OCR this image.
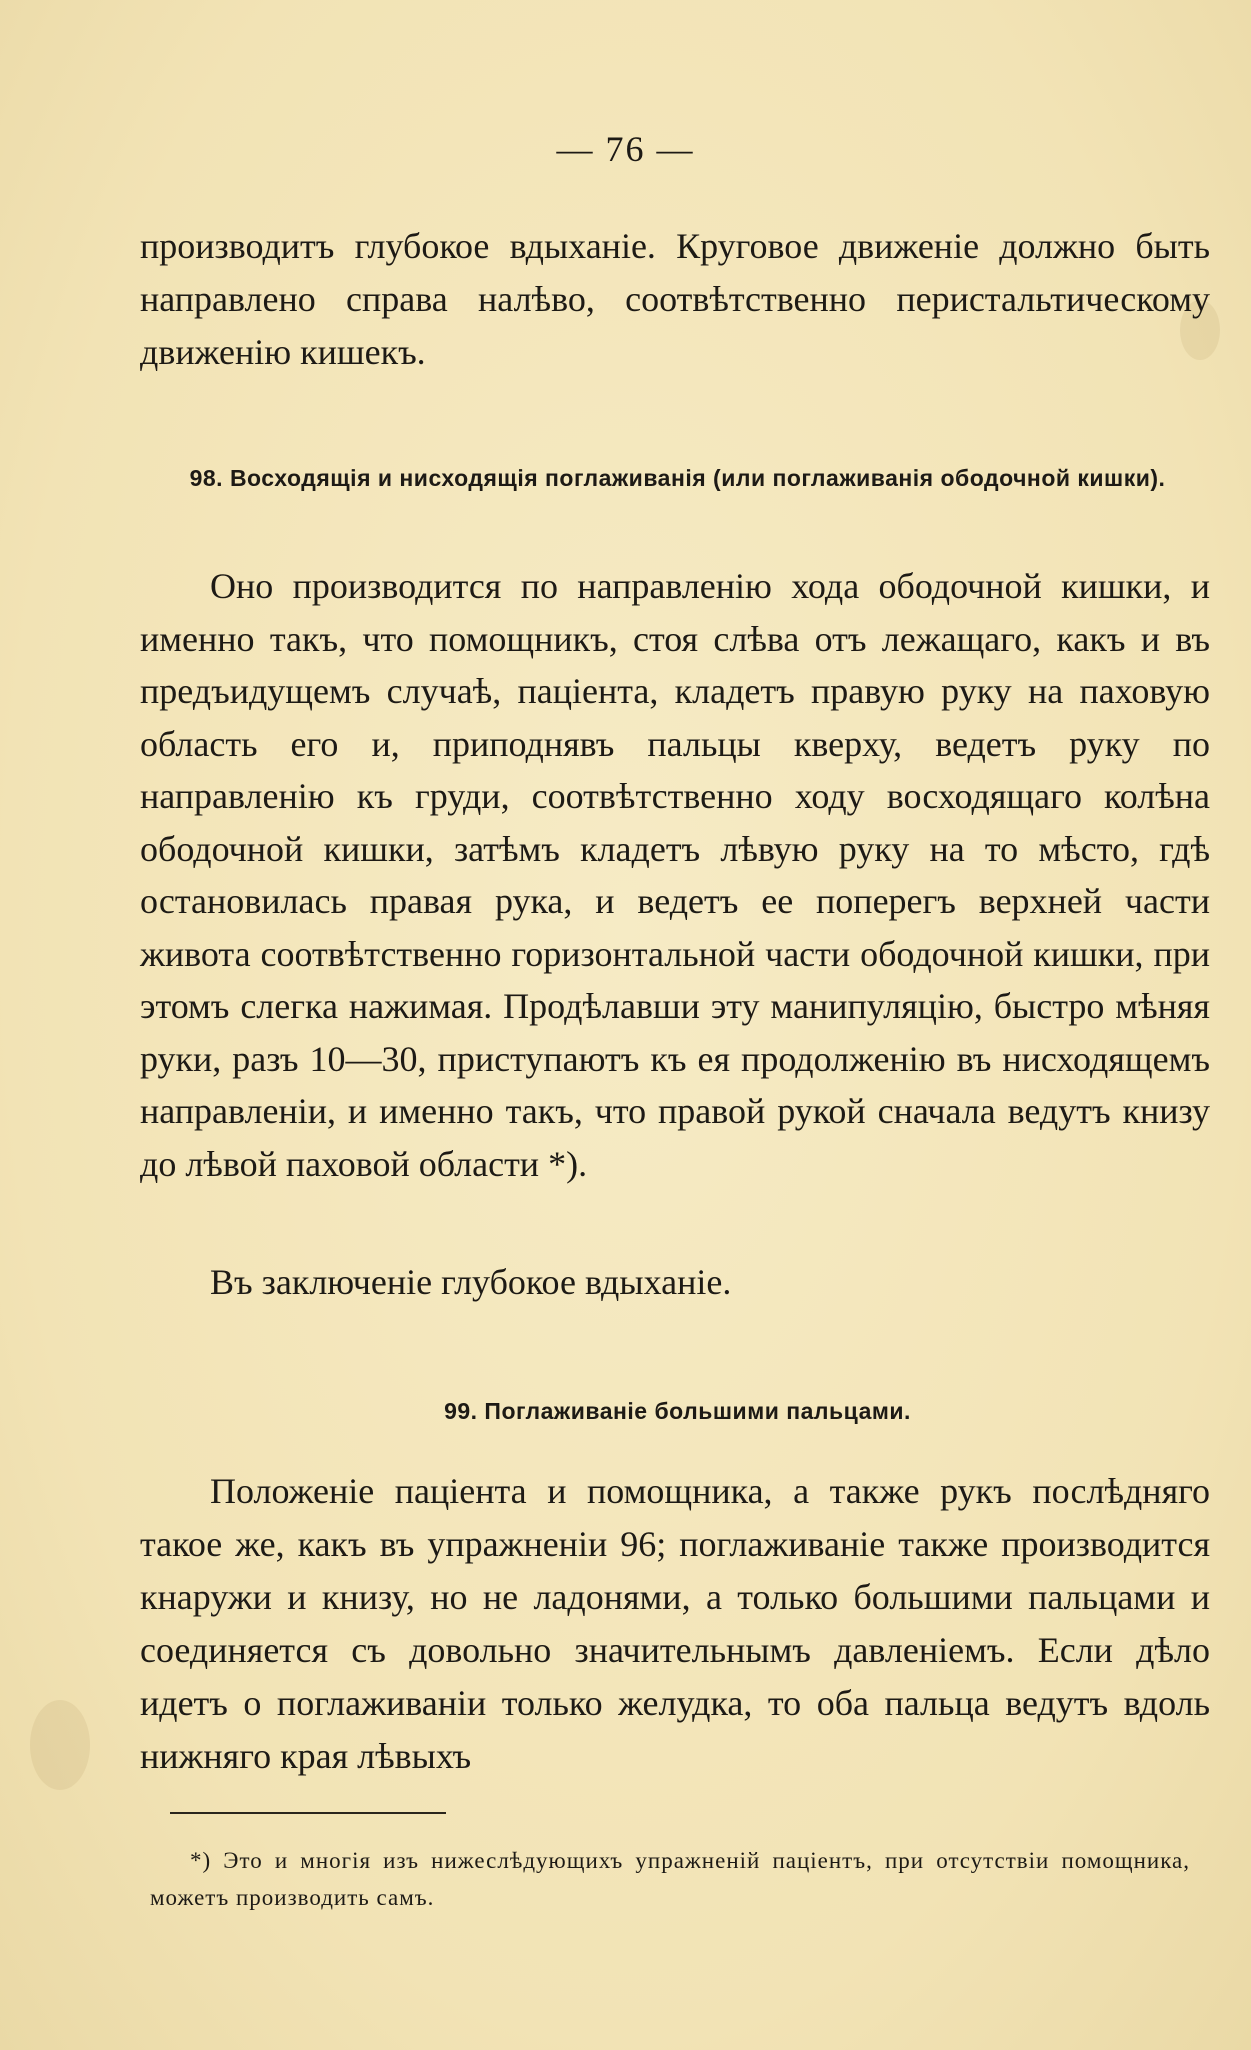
— 76 —

производитъ глубокое вдыханіе. Круговое движеніе должно быть направлено справа налѣво, соотвѣтственно перистальтическому движенію кишекъ.

98. Восходящія и нисходящія поглаживанія (или поглаживанія ободочной кишки).

Оно производится по направленію хода ободочной кишки, и именно такъ, что помощникъ, стоя слѣва отъ лежащаго, какъ и въ предъидущемъ случаѣ, паціента, кладетъ правую руку на паховую область его и, приподнявъ пальцы кверху, ведетъ руку по направленію къ груди, соотвѣтственно ходу восходящаго колѣна ободочной кишки, затѣмъ кладетъ лѣвую руку на то мѣсто, гдѣ остановилась правая рука, и ведетъ ее поперегъ верхней части живота соотвѣтственно горизонтальной части ободочной кишки, при этомъ слегка нажимая. Продѣлавши эту манипуляцію, быстро мѣняя руки, разъ 10—30, приступаютъ къ ея продолженію въ нисходящемъ направленіи, и именно такъ, что правой рукой сначала ведутъ книзу до лѣвой паховой области *).

Въ заключеніе глубокое вдыханіе.

99. Поглаживаніе большими пальцами.

Положеніе паціента и помощника, а также рукъ послѣдняго такое же, какъ въ упражненіи 96; поглаживаніе также производится кнаружи и книзу, но не ладонями, а только большими пальцами и соединяется съ довольно значительнымъ давленіемъ. Если дѣло идетъ о поглаживаніи только желудка, то оба пальца ведутъ вдоль нижняго края лѣвыхъ

*) Это и многія изъ нижеслѣдующихъ упражненій паціентъ, при отсутствіи помощника, можетъ производить самъ.
